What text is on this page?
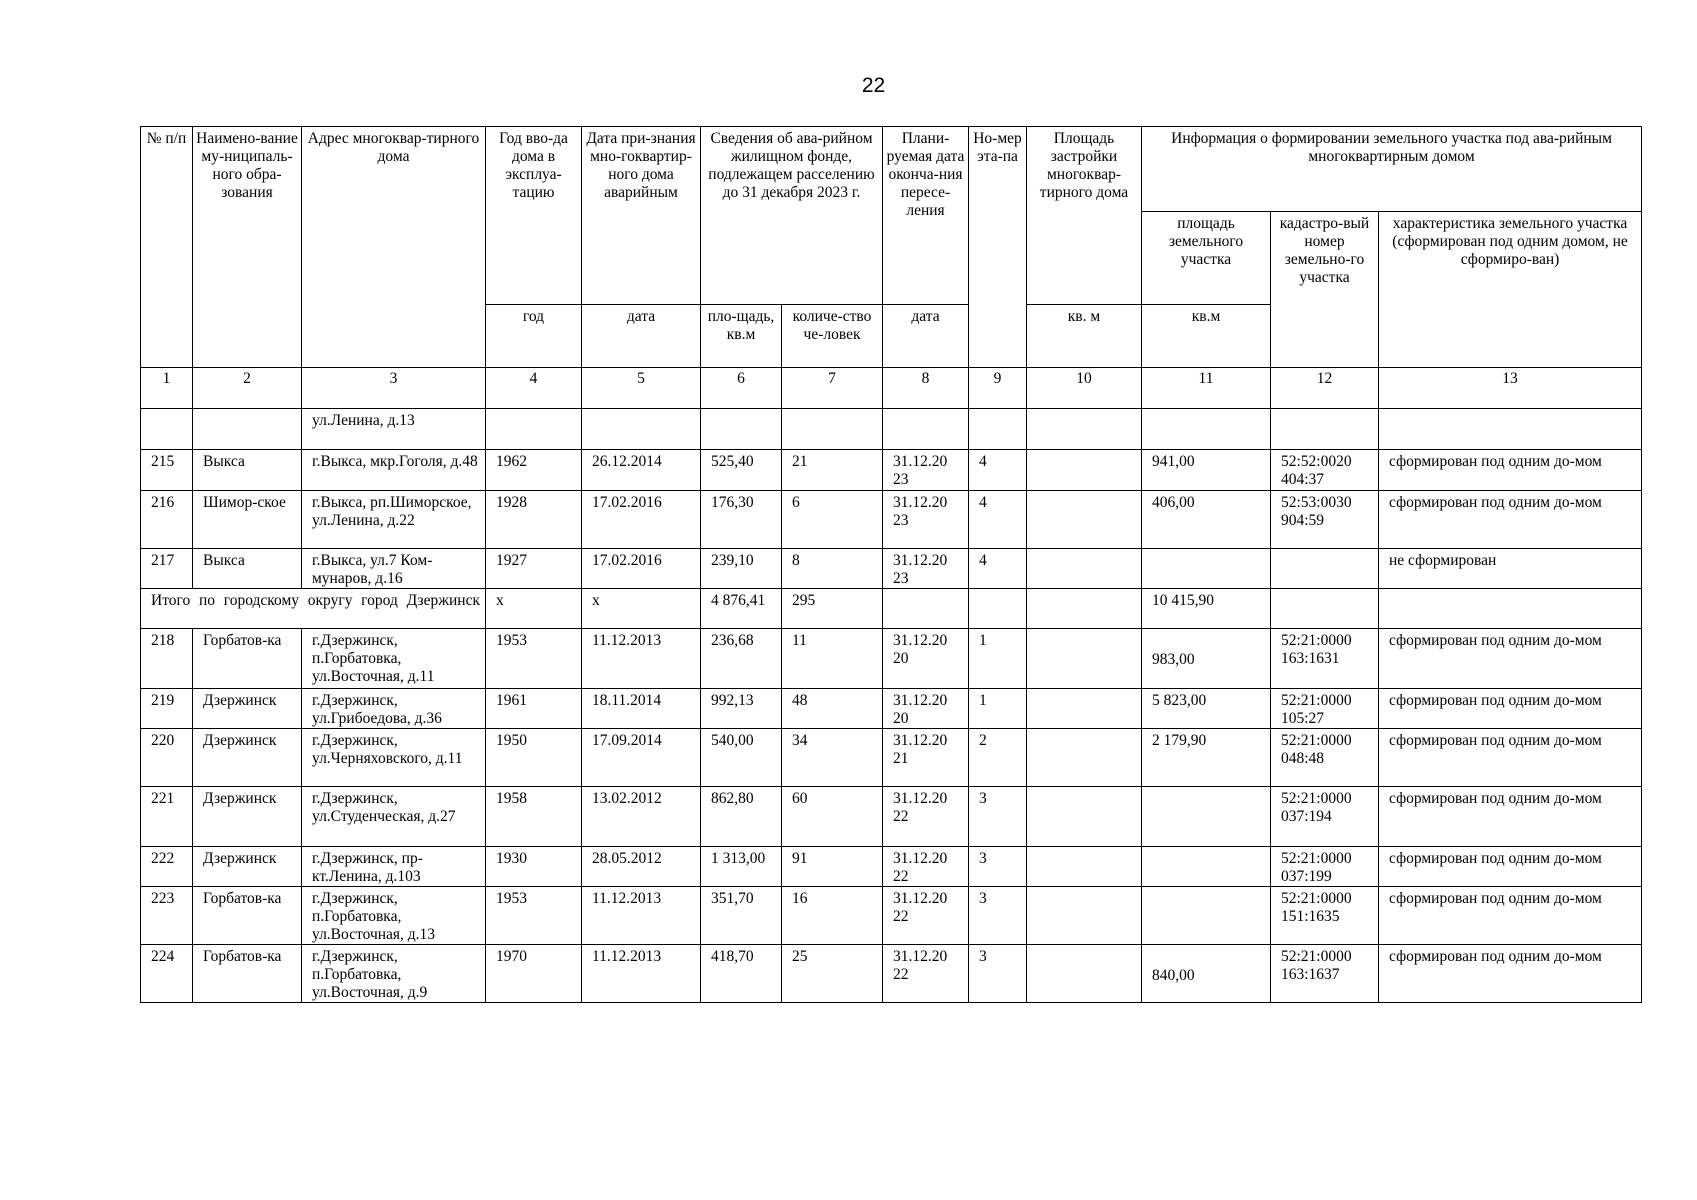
22
№ п/п	Наимено-вание му-ниципаль-ного обра-зования	Адрес многоквар-тирного дома	Год вво-да дома в эксплуа-тацию	Дата при-знания мно-гоквартир-ного дома аварийным	Сведения об ава-рийном жилищном фонде, подлежащем расселению до 31 декабря 2023 г.		Плани-руемая дата оконча-ния пересе-ления	Но-мер эта-па	Площадь застройки многоквар-тирного дома	Информация о формировании земельного участка под ава-рийным многоквартирным домом		
										площадь земельного участка	кадастро-вый номер земельно-го участка	характеристика земельного участка (сформирован под одним домом, не сформиро-ван)
			год	дата	пло-щадь, кв.м	количе-ство че-ловек	дата		кв. м	кв.м		
1	2	3	4	5	6	7	8	9	10	11	12	13
		ул.Ленина, д.13										
215	Выкса	г.Выкса, мкр.Гоголя, д.48	1962	26.12.2014	525,40	21	31.12.20 23	4		941,00	52:52:0020 404:37	сформирован под одним до-мом
216	Шимор-ское	г.Выкса, рп.Шиморское, ул.Ленина, д.22	1928	17.02.2016	176,30	6	31.12.20 23	4		406,00	52:53:0030 904:59	сформирован под одним до-мом
217	Выкса	г.Выкса, ул.7 Ком-мунаров, д.16	1927	17.02.2016	239,10	8	31.12.20 23	4				не сформирован
Итого по городскому округу город Дзержинск			х	х	4 876,41	295				10 415,90		
218	Горбатов-ка	г.Дзержинск, п.Горбатовка, ул.Восточная, д.11	1953	11.12.2013	236,68	11	31.12.20 20	1		983,00	52:21:0000 163:1631	сформирован под одним до-мом
219	Дзержинск	г.Дзержинск, ул.Грибоедова, д.36	1961	18.11.2014	992,13	48	31.12.20 20	1		5 823,00	52:21:0000 105:27	сформирован под одним до-мом
220	Дзержинск	г.Дзержинск, ул.Черняховского, д.11	1950	17.09.2014	540,00	34	31.12.20 21	2		2 179,90	52:21:0000 048:48	сформирован под одним до-мом
221	Дзержинск	г.Дзержинск, ул.Студенческая, д.27	1958	13.02.2012	862,80	60	31.12.20 22	3			52:21:0000 037:194	сформирован под одним до-мом
222	Дзержинск	г.Дзержинск, пр-кт.Ленина, д.103	1930	28.05.2012	1 313,00	91	31.12.20 22	3			52:21:0000 037:199	сформирован под одним до-мом
223	Горбатов-ка	г.Дзержинск, п.Горбатовка, ул.Восточная, д.13	1953	11.12.2013	351,70	16	31.12.20 22	3			52:21:0000 151:1635	сформирован под одним до-мом
224	Горбатов-ка	г.Дзержинск, п.Горбатовка, ул.Восточная, д.9	1970	11.12.2013	418,70	25	31.12.20 22	3		840,00	52:21:0000 163:1637	сформирован под одним до-мом
